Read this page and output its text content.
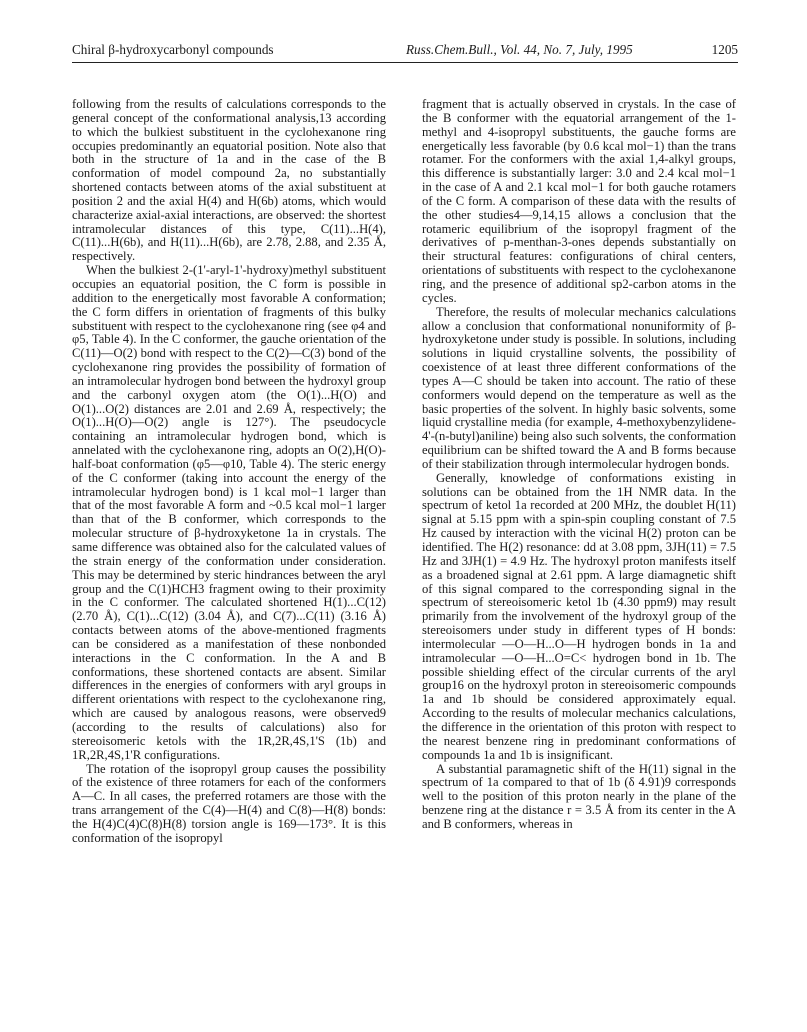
Chiral β-hydroxycarbonyl compounds	Russ.Chem.Bull., Vol. 44, No. 7, July, 1995	1205

following from the results of calculations corresponds to the general concept of the conformational analysis,13 according to which the bulkiest substituent in the cyclohexanone ring occupies predominantly an equatorial position. Note also that both in the structure of 1a and in the case of the B conformation of model compound 2a, no substantially shortened contacts between atoms of the axial substituent at position 2 and the axial H(4) and H(6b) atoms, which would characterize axial-axial interactions, are observed: the shortest intramolecular distances of this type, C(11)...H(4), C(11)...H(6b), and H(11)...H(6b), are 2.78, 2.88, and 2.35 Å, respectively.

When the bulkiest 2-(1'-aryl-1'-hydroxy)methyl substituent occupies an equatorial position, the C form is possible in addition to the energetically most favorable A conformation; the C form differs in orientation of fragments of this bulky substituent with respect to the cyclohexanone ring (see φ4 and φ5, Table 4). In the C conformer, the gauche orientation of the C(11)—O(2) bond with respect to the C(2)—C(3) bond of the cyclohexanone ring provides the possibility of formation of an intramolecular hydrogen bond between the hydroxyl group and the carbonyl oxygen atom (the O(1)...H(O) and O(1)...O(2) distances are 2.01 and 2.69 Å, respectively; the O(1)...H(O)—O(2) angle is 127°). The pseudocycle containing an intramolecular hydrogen bond, which is annelated with the cyclohexanone ring, adopts an O(2),H(O)-half-boat conformation (φ5—φ10, Table 4). The steric energy of the C conformer (taking into account the energy of the intramolecular hydrogen bond) is 1 kcal mol−1 larger than that of the most favorable A form and ~0.5 kcal mol−1 larger than that of the B conformer, which corresponds to the molecular structure of β-hydroxyketone 1a in crystals. The same difference was obtained also for the calculated values of the strain energy of the conformation under consideration. This may be determined by steric hindrances between the aryl group and the C(1)HCH3 fragment owing to their proximity in the C conformer. The calculated shortened H(1)...C(12) (2.70 Å), C(1)...C(12) (3.04 Å), and C(7)...C(11) (3.16 Å) contacts between atoms of the above-mentioned fragments can be considered as a manifestation of these nonbonded interactions in the C conformation. In the A and B conformations, these shortened contacts are absent. Similar differences in the energies of conformers with aryl groups in different orientations with respect to the cyclohexanone ring, which are caused by analogous reasons, were observed9 (according to the results of calculations) also for stereoisomeric ketols with the 1R,2R,4S,1'S (1b) and 1R,2R,4S,1'R configurations.

The rotation of the isopropyl group causes the possibility of the existence of three rotamers for each of the conformers A—C. In all cases, the preferred rotamers are those with the trans arrangement of the C(4)—H(4) and C(8)—H(8) bonds: the H(4)C(4)C(8)H(8) torsion angle is 169—173°. It is this conformation of the isopropyl

fragment that is actually observed in crystals. In the case of the B conformer with the equatorial arrangement of the 1-methyl and 4-isopropyl substituents, the gauche forms are energetically less favorable (by 0.6 kcal mol−1) than the trans rotamer. For the conformers with the axial 1,4-alkyl groups, this difference is substantially larger: 3.0 and 2.4 kcal mol−1 in the case of A and 2.1 kcal mol−1 for both gauche rotamers of the C form. A comparison of these data with the results of the other studies4—9,14,15 allows a conclusion that the rotameric equilibrium of the isopropyl fragment of the derivatives of p-menthan-3-ones depends substantially on their structural features: configurations of chiral centers, orientations of substituents with respect to the cyclohexanone ring, and the presence of additional sp2-carbon atoms in the cycles.

Therefore, the results of molecular mechanics calculations allow a conclusion that conformational nonuniformity of β-hydroxyketone under study is possible. In solutions, including solutions in liquid crystalline solvents, the possibility of coexistence of at least three different conformations of the types A—C should be taken into account. The ratio of these conformers would depend on the temperature as well as the basic properties of the solvent. In highly basic solvents, some liquid crystalline media (for example, 4-methoxybenzylidene-4'-(n-butyl)aniline) being also such solvents, the conformation equilibrium can be shifted toward the A and B forms because of their stabilization through intermolecular hydrogen bonds.

Generally, knowledge of conformations existing in solutions can be obtained from the 1H NMR data. In the spectrum of ketol 1a recorded at 200 MHz, the doublet H(11) signal at 5.15 ppm with a spin-spin coupling constant of 7.5 Hz caused by interaction with the vicinal H(2) proton can be identified. The H(2) resonance: dd at 3.08 ppm, 3JH(11) = 7.5 Hz and 3JH(1) = 4.9 Hz. The hydroxyl proton manifests itself as a broadened signal at 2.61 ppm. A large diamagnetic shift of this signal compared to the corresponding signal in the spectrum of stereoisomeric ketol 1b (4.30 ppm9) may result primarily from the involvement of the hydroxyl group of the stereoisomers under study in different types of H bonds: intermolecular —O—H...O—H hydrogen bonds in 1a and intramolecular —O—H...O=C< hydrogen bond in 1b. The possible shielding effect of the circular currents of the aryl group16 on the hydroxyl proton in stereoisomeric compounds 1a and 1b should be considered approximately equal. According to the results of molecular mechanics calculations, the difference in the orientation of this proton with respect to the nearest benzene ring in predominant conformations of compounds 1a and 1b is insignificant.

A substantial paramagnetic shift of the H(11) signal in the spectrum of 1a compared to that of 1b (δ 4.91)9 corresponds well to the position of this proton nearly in the plane of the benzene ring at the distance r = 3.5 Å from its center in the A and B conformers, whereas in
